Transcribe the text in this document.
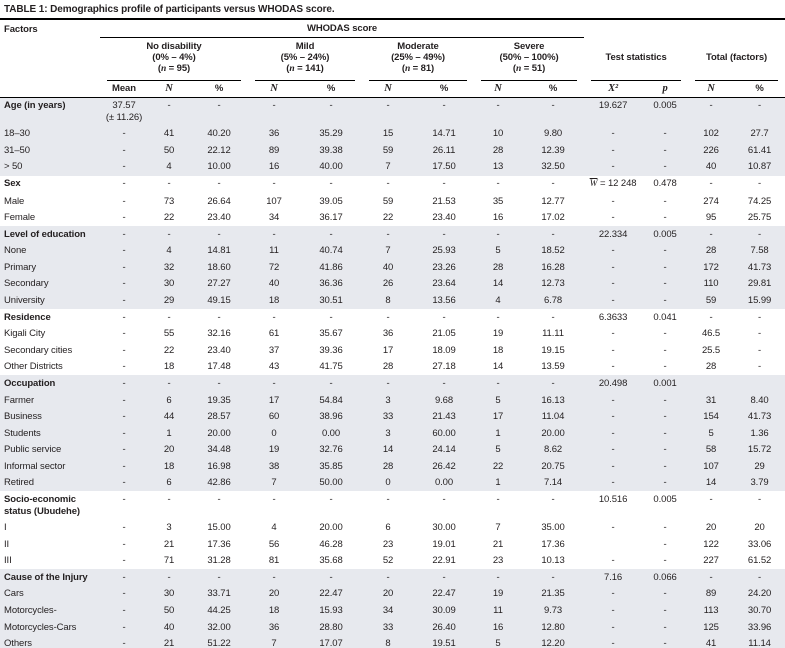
TABLE 1: Demographics profile of participants versus WHODAS score.
Factors	WHODAS score												
	No disability
(0% – 4%)
(n = 95)			Mild
(5% – 24%)
(n = 141)		Moderate
(25% – 49%)
(n = 81)		Severe
(50% – 100%)
(n = 51)		Test statistics		Total (factors)	
	Mean	N	%	N	%	N	%	N	%	X²	p	N	%
Age (in years)	37.57
(± 11.26)	-	-	-	-	-	-	-	-	19.627	0.005	-	-
18–30	-	41	40.20	36	35.29	15	14.71	10	9.80	-	-	102	27.7
31–50	-	50	22.12	89	39.38	59	26.11	28	12.39	-	-	226	61.41
> 50	-	4	10.00	16	40.00	7	17.50	13	32.50	-	-	40	10.87
Sex	-	-	-	-	-	-	-	-	-	$\overline{W} = 12$ 248	0.478	-	-
Male	-	73	26.64	107	39.05	59	21.53	35	12.77	-	-	274	74.25
Female	-	22	23.40	34	36.17	22	23.40	16	17.02	-	-	95	25.75
Level of education	-	-	-	-	-	-	-	-	-	22.334	0.005	-	-
None	-	4	14.81	11	40.74	7	25.93	5	18.52	-	-	28	7.58
Primary	-	32	18.60	72	41.86	40	23.26	28	16.28	-	-	172	41.73
Secondary	-	30	27.27	40	36.36	26	23.64	14	12.73	-	-	110	29.81
University	-	29	49.15	18	30.51	8	13.56	4	6.78	-	-	59	15.99
Residence	-	-	-	-	-	-	-	-	-	6.3633	0.041	-	-
Kigali City	-	55	32.16	61	35.67	36	21.05	19	11.11	-	-	46.5	-
Secondary cities	-	22	23.40	37	39.36	17	18.09	18	19.15	-	-	25.5	-
Other Districts	-	18	17.48	43	41.75	28	27.18	14	13.59	-	-	28	-
Occupation	-	-	-	-	-	-	-	-	-	20.498	0.001		
Farmer	-	6	19.35	17	54.84	3	9.68	5	16.13	-	-	31	8.40
Business	-	44	28.57	60	38.96	33	21.43	17	11.04	-	-	154	41.73
Students	-	1	20.00	0	0.00	3	60.00	1	20.00	-	-	5	1.36
Public service	-	20	34.48	19	32.76	14	24.14	5	8.62	-	-	58	15.72
Informal sector	-	18	16.98	38	35.85	28	26.42	22	20.75	-	-	107	29
Retired	-	6	42.86	7	50.00	0	0.00	1	7.14	-	-	14	3.79
Socio-economic status (Ubudehe)	-	-	-	-	-	-	-	-	-	10.516	0.005	-	-
I	-	3	15.00	4	20.00	6	30.00	7	35.00	-	-	20	20
II	-	21	17.36	56	46.28	23	19.01	21	17.36		-	122	33.06
III	-	71	31.28	81	35.68	52	22.91	23	10.13	-	-	227	61.52
Cause of the Injury	-	-	-	-	-	-	-	-	-	7.16	0.066	-	-
Cars	-	30	33.71	20	22.47	20	22.47	19	21.35	-	-	89	24.20
Motorcycles-	-	50	44.25	18	15.93	34	30.09	11	9.73	-	-	113	30.70
Motorcycles-Cars	-	40	32.00	36	28.80	33	26.40	16	12.80	-	-	125	33.96
Others	-	21	51.22	7	17.07	8	19.51	5	12.20	-	-	41	11.14
